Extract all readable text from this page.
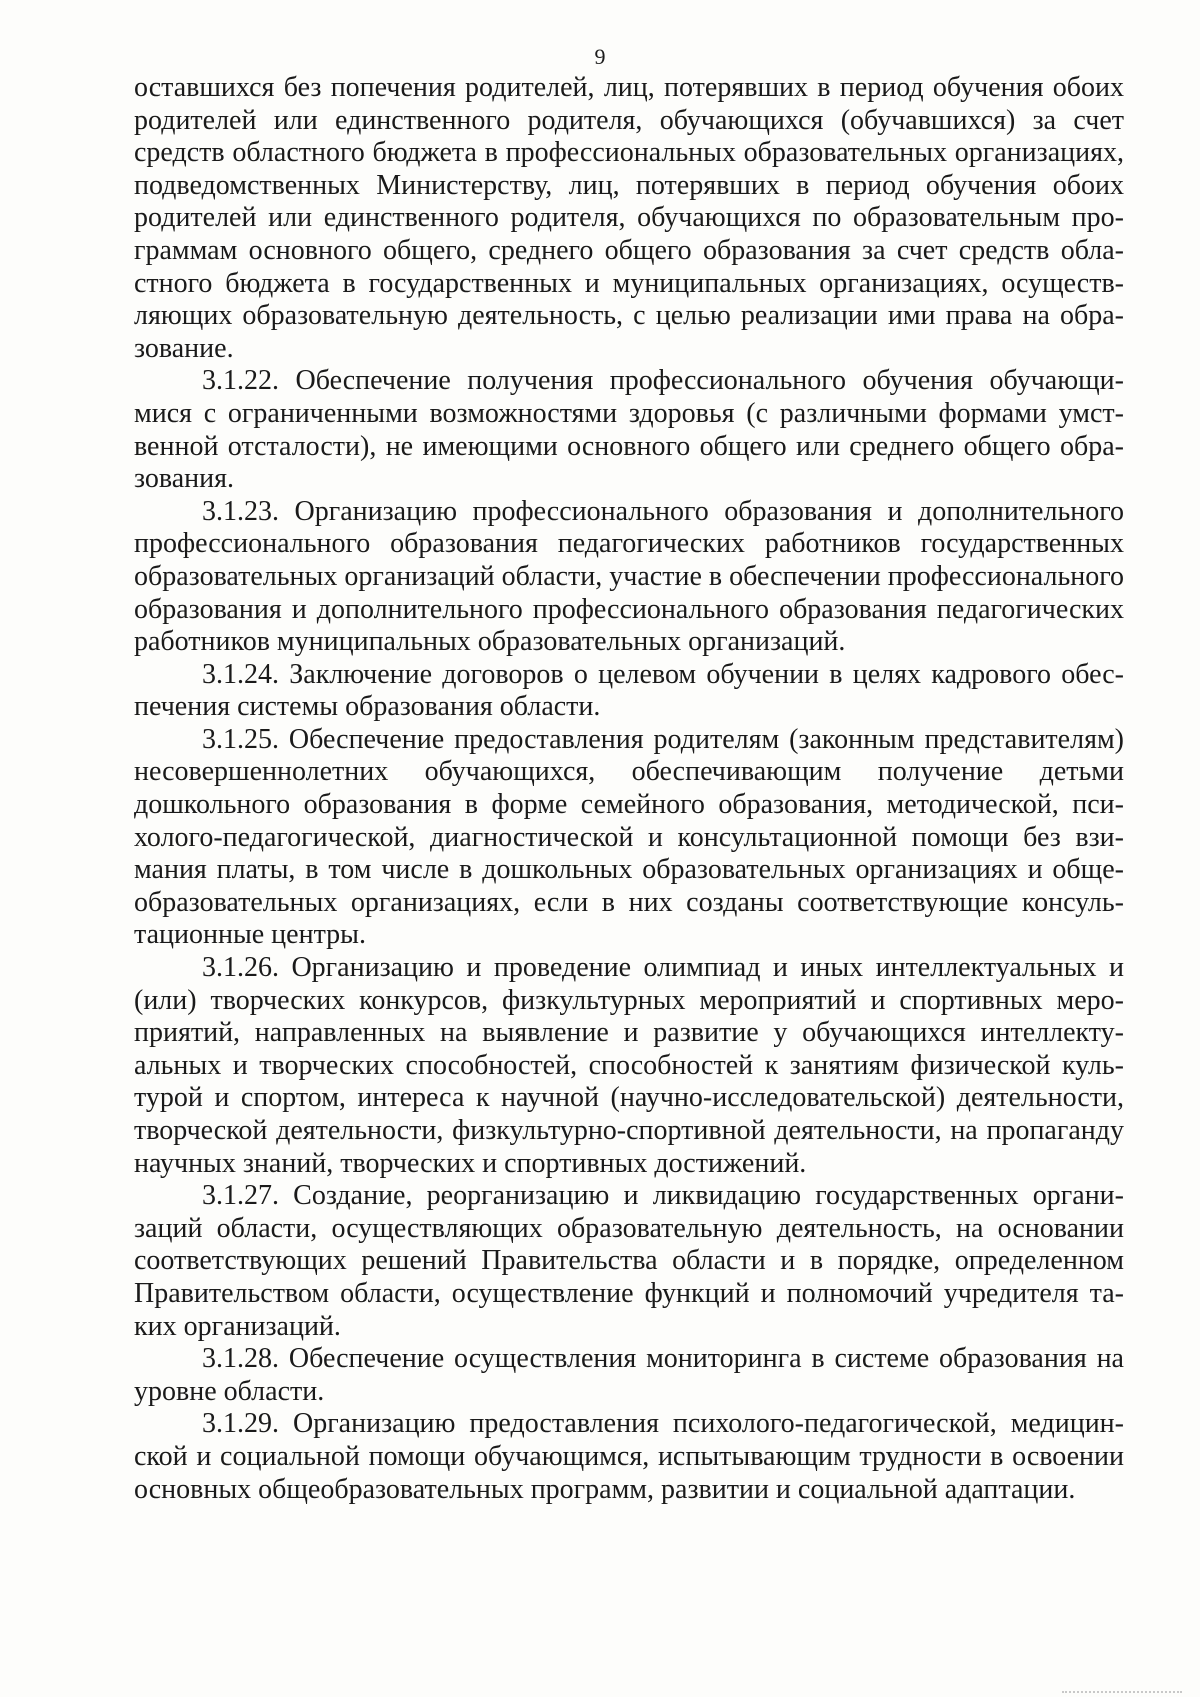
9

оставшихся без попечения родителей, лиц, потерявших в период обучения обоих родителей или единственного родителя, обучающихся (обучавшихся) за счет средств областного бюджета в профессиональных образовательных организациях, подведомственных Министерству, лиц, потерявших в период обучения обоих родителей или единственного родителя, обучающихся по образовательным программам основного общего, среднего общего образования за счет средств областного бюджета в государственных и муниципальных организациях, осуществляющих образовательную деятельность, с целью реализации ими права на образование.

3.1.22. Обеспечение получения профессионального обучения обучающимися с ограниченными возможностями здоровья (с различными формами умственной отсталости), не имеющими основного общего или среднего общего образования.

3.1.23. Организацию профессионального образования и дополнительного профессионального образования педагогических работников государственных образовательных организаций области, участие в обеспечении профессионального образования и дополнительного профессионального образования педагогических работников муниципальных образовательных организаций.

3.1.24. Заключение договоров о целевом обучении в целях кадрового обеспечения системы образования области.

3.1.25. Обеспечение предоставления родителям (законным представителям) несовершеннолетних обучающихся, обеспечивающим получение детьми дошкольного образования в форме семейного образования, методической, психолого-педагогической, диагностической и консультационной помощи без взимания платы, в том числе в дошкольных образовательных организациях и общеобразовательных организациях, если в них созданы соответствующие консультационные центры.

3.1.26. Организацию и проведение олимпиад и иных интеллектуальных и (или) творческих конкурсов, физкультурных мероприятий и спортивных мероприятий, направленных на выявление и развитие у обучающихся интеллектуальных и творческих способностей, способностей к занятиям физической культурой и спортом, интереса к научной (научно-исследовательской) деятельности, творческой деятельности, физкультурно-спортивной деятельности, на пропаганду научных знаний, творческих и спортивных достижений.

3.1.27. Создание, реорганизацию и ликвидацию государственных организаций области, осуществляющих образовательную деятельность, на основании соответствующих решений Правительства области и в порядке, определенном Правительством области, осуществление функций и полномочий учредителя таких организаций.

3.1.28. Обеспечение осуществления мониторинга в системе образования на уровне области.

3.1.29. Организацию предоставления психолого-педагогической, медицинской и социальной помощи обучающимся, испытывающим трудности в освоении основных общеобразовательных программ, развитии и социальной адаптации.
